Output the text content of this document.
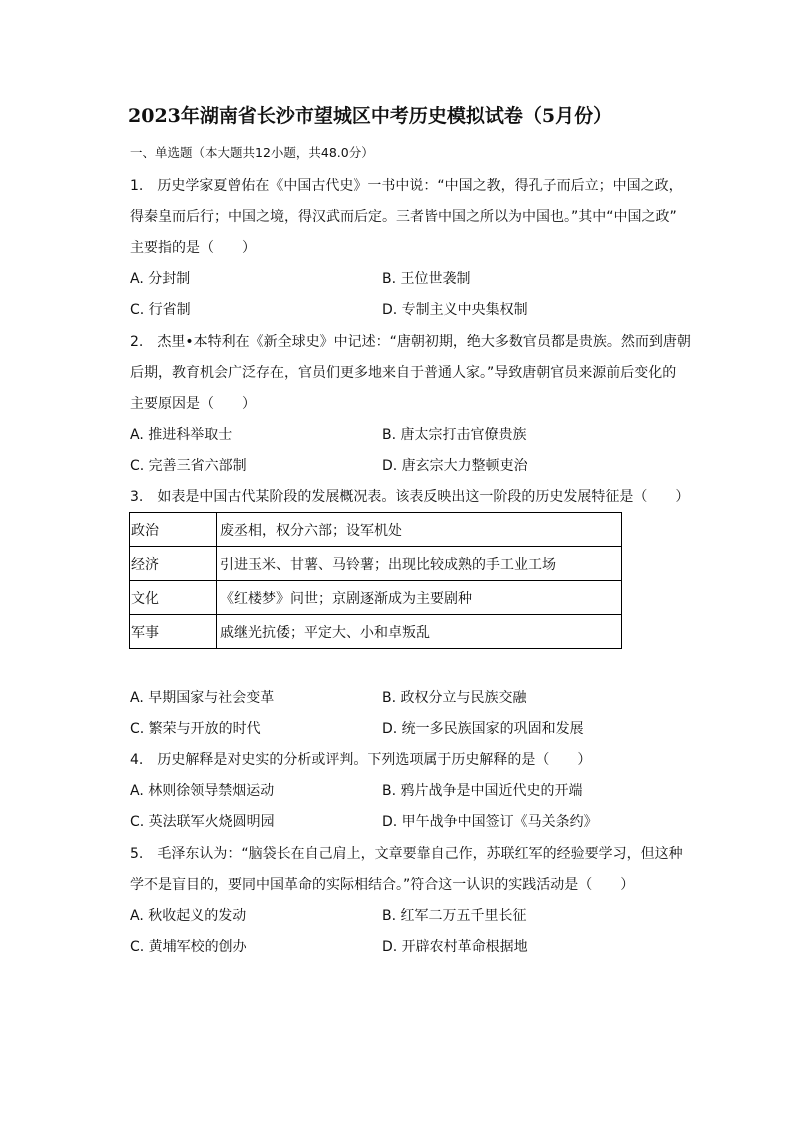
2023年湖南省长沙市望城区中考历史模拟试卷（5月份）
一、单选题（本大题共12小题，共48.0分）
1.　历史学家夏曾佑在《中国古代史》一书中说：“中国之教，得孔子而后立；中国之政，
得秦皇而后行；中国之境，得汉武而后定。三者皆中国之所以为中国也。”其中“中国之政”
主要指的是（　　）
A. 分封制	B. 王位世袭制
C. 行省制	D. 专制主义中央集权制
2.　杰里•本特利在《新全球史》中记述：“唐朝初期，绝大多数官员都是贵族。然而到唐朝
后期，教育机会广泛存在，官员们更多地来自于普通人家。”导致唐朝官员来源前后变化的
主要原因是（　　）
A. 推进科举取士	B. 唐太宗打击官僚贵族
C. 完善三省六部制	D. 唐玄宗大力整顿吏治
3.　如表是中国古代某阶段的发展概况表。该表反映出这一阶段的历史发展特征是（　　）
政治	废丞相，权分六部；设军机处
经济	引进玉米、甘薯、马铃薯；出现比较成熟的手工业工场
文化	《红楼梦》问世；京剧逐渐成为主要剧种
军事	戚继光抗倭；平定大、小和卓叛乱
A. 早期国家与社会变革	B. 政权分立与民族交融
C. 繁荣与开放的时代	D. 统一多民族国家的巩固和发展
4.　历史解释是对史实的分析或评判。下列选项属于历史解释的是（　　）
A. 林则徐领导禁烟运动	B. 鸦片战争是中国近代史的开端
C. 英法联军火烧圆明园	D. 甲午战争中国签订《马关条约》
5.　毛泽东认为：“脑袋长在自己肩上，文章要靠自己作，苏联红军的经验要学习，但这种
学不是盲目的，要同中国革命的实际相结合。”符合这一认识的实践活动是（　　）
A. 秋收起义的发动	B. 红军二万五千里长征
C. 黄埔军校的创办	D. 开辟农村革命根据地
